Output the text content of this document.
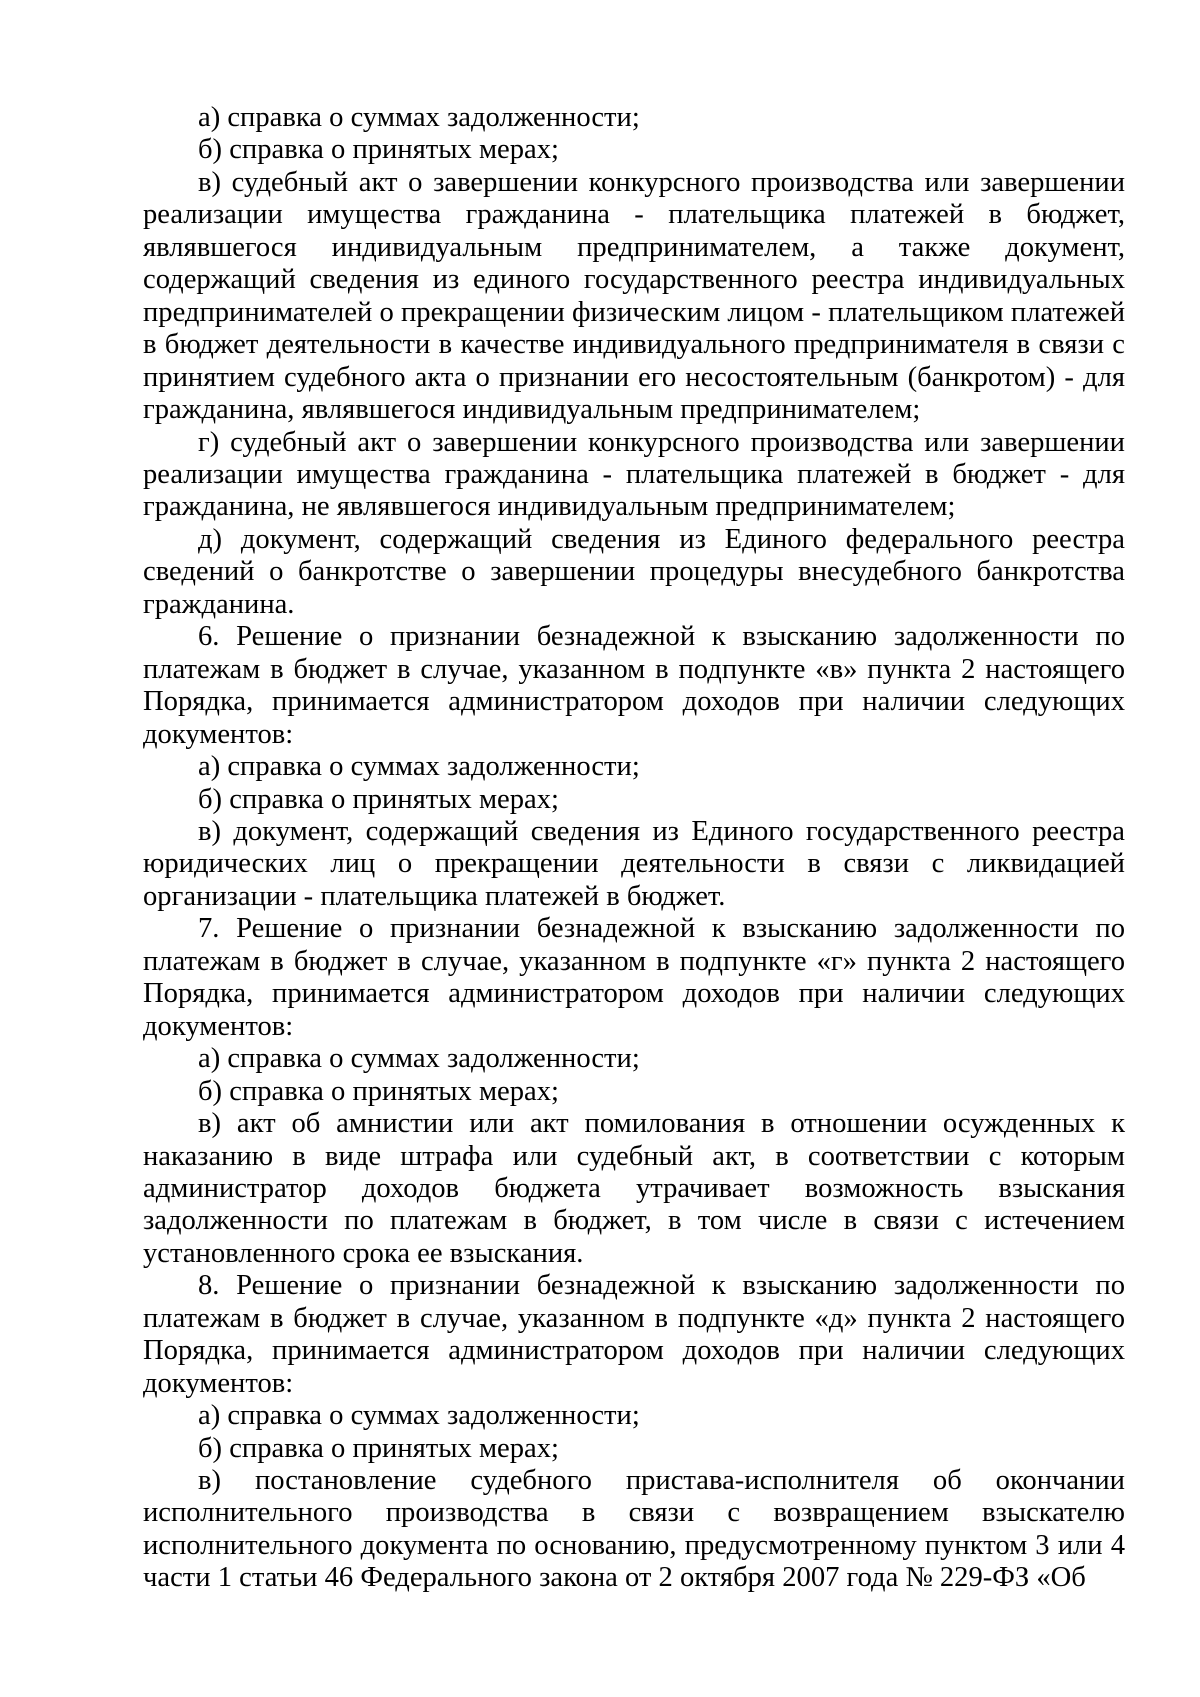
а) справка о суммах задолженности;

б) справка о принятых мерах;

в) судебный акт о завершении конкурсного производства или завершении реализации имущества гражданина - плательщика платежей в бюджет, являвшегося индивидуальным предпринимателем, а также документ, содержащий сведения из единого государственного реестра индивидуальных предпринимателей о прекращении физическим лицом - плательщиком платежей в бюджет деятельности в качестве индивидуального предпринимателя в связи с принятием судебного акта о признании его несостоятельным (банкротом) - для гражданина, являвшегося индивидуальным предпринимателем;

г) судебный акт о завершении конкурсного производства или завершении реализации имущества гражданина - плательщика платежей в бюджет - для гражданина, не являвшегося индивидуальным предпринимателем;

д) документ, содержащий сведения из Единого федерального реестра сведений о банкротстве о завершении процедуры внесудебного банкротства гражданина.

6. Решение о признании безнадежной к взысканию задолженности по платежам в бюджет в случае, указанном в подпункте «в» пункта 2 настоящего Порядка, принимается администратором доходов при наличии следующих документов:

а) справка о суммах задолженности;

б) справка о принятых мерах;

в) документ, содержащий сведения из Единого государственного реестра юридических лиц о прекращении деятельности в связи с ликвидацией организации - плательщика платежей в бюджет.

7. Решение о признании безнадежной к взысканию задолженности по платежам в бюджет в случае, указанном в подпункте «г» пункта 2 настоящего Порядка, принимается администратором доходов при наличии следующих документов:

а) справка о суммах задолженности;

б) справка о принятых мерах;

в) акт об амнистии или акт помилования в отношении осужденных к наказанию в виде штрафа или судебный акт, в соответствии с которым администратор доходов бюджета утрачивает возможность взыскания задолженности по платежам в бюджет, в том числе в связи с истечением установленного срока ее взыскания.

8. Решение о признании безнадежной к взысканию задолженности по платежам в бюджет в случае, указанном в подпункте «д» пункта 2 настоящего Порядка, принимается администратором доходов при наличии следующих документов:

а) справка о суммах задолженности;

б) справка о принятых мерах;

в) постановление судебного пристава-исполнителя об окончании исполнительного производства в связи с возвращением взыскателю исполнительного документа по основанию, предусмотренному пунктом 3 или 4 части 1 статьи 46 Федерального закона от 2 октября 2007 года № 229-ФЗ «Об
